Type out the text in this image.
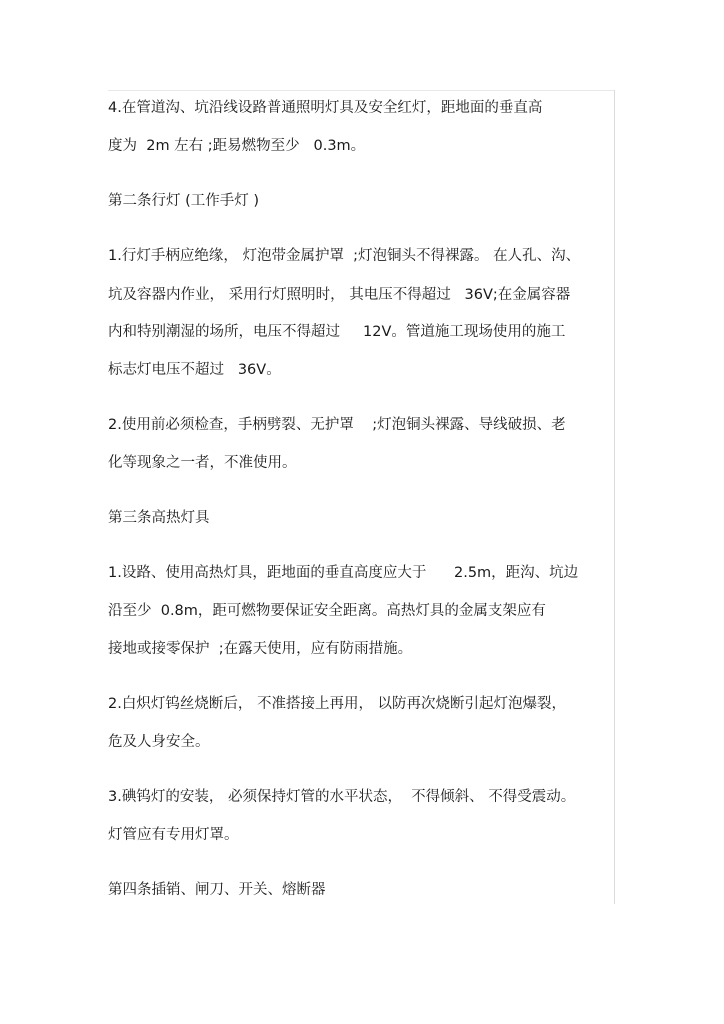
4.在管道沟、坑沿线设路普通照明灯具及安全红灯，距地面的垂直高
度为  2m 左右 ;距易燃物至少   0.3m。
第二条行灯 (工作手灯 )
1.行灯手柄应绝缘， 灯泡带金属护罩  ;灯泡铜头不得裸露。 在人孔、沟、
坑及容器内作业， 采用行灯照明时， 其电压不得超过   36V;在金属容器
内和特别潮湿的场所，电压不得超过     12V。管道施工现场使用的施工
标志灯电压不超过   36V。
2.使用前必须检查，手柄劈裂、无护罩    ;灯泡铜头裸露、导线破损、老
化等现象之一者，不准使用。
第三条高热灯具
1.设路、使用高热灯具，距地面的垂直高度应大于      2.5m，距沟、坑边
沿至少  0.8m，距可燃物要保证安全距离。高热灯具的金属支架应有
接地或接零保护  ;在露天使用，应有防雨措施。
2.白炽灯钨丝烧断后， 不准搭接上再用， 以防再次烧断引起灯泡爆裂，
危及人身安全。
3.碘钨灯的安装， 必须保持灯管的水平状态，  不得倾斜、 不得受震动。
灯管应有专用灯罩。
第四条插销、闸刀、开关、熔断器
